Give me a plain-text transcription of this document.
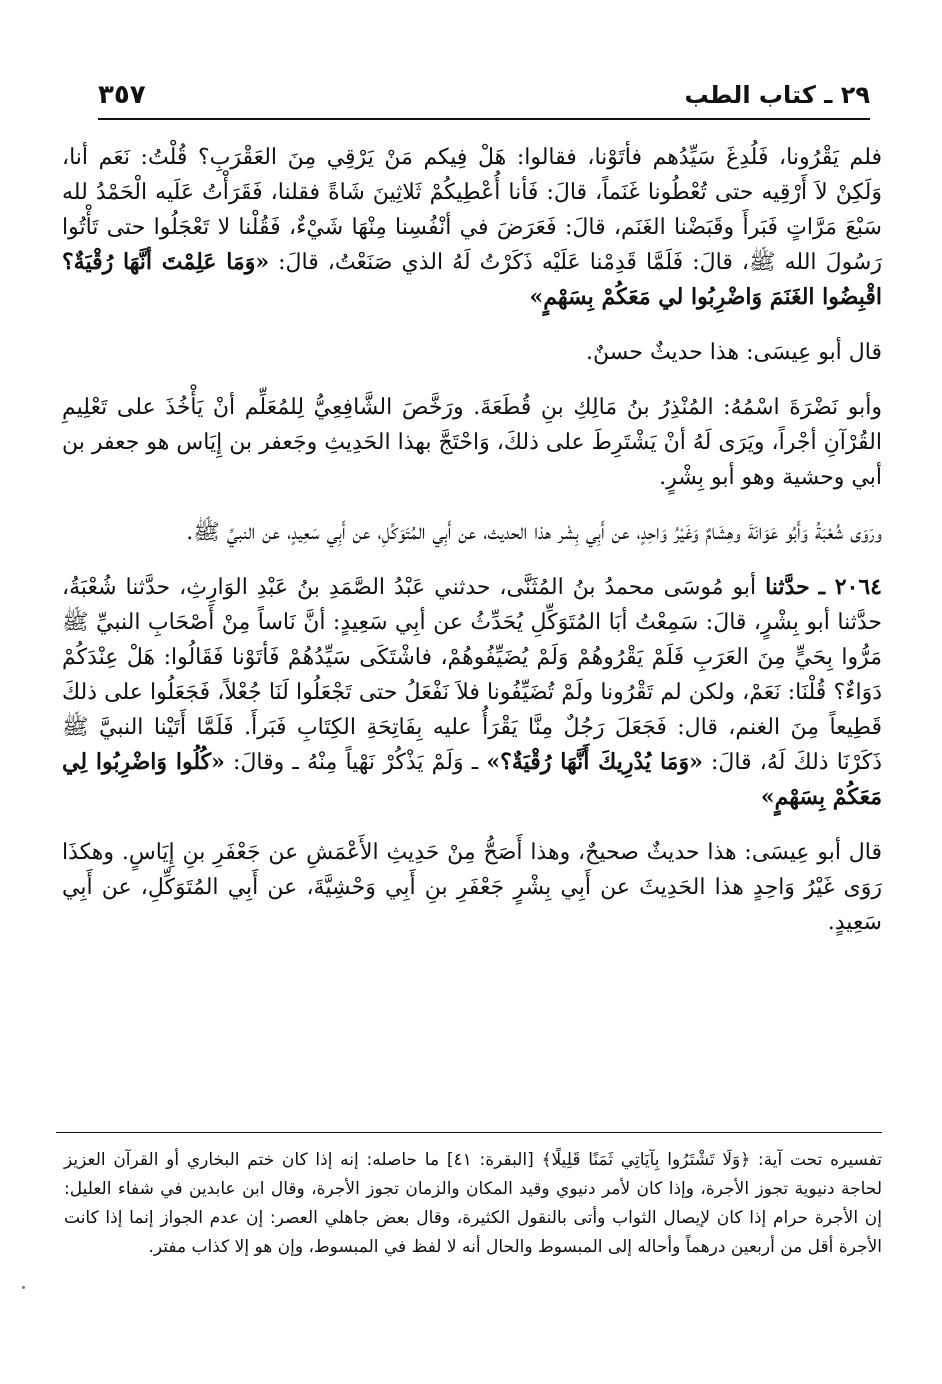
٢٩ ـ كتاب الطب
٣٥٧

فلم يَقْرُونا، فَلُدِغَ سَيِّدُهم فأتَوْنا، فقالوا: هَلْ فِيكم مَنْ يَرْقِي مِنَ العَقْرَبِ؟ قُلْتُ: نَعَم أنا، وَلَكِنْ لاَ أَرْقِيه حتى تُعْطُونا غَنَماً، قالَ: فَأنا أُعْطِيكُمْ ثَلاثِينَ شَاةً فقلنا، فَقَرَأْتُ عَلَيه الْحَمْدُ لله سَبْعَ مَرَّاتٍ فَبَرأَ وقَبَضْنا الغَنَم، قالَ: فَعَرَضَ في أنْفُسِنا مِنْهَا شَيْءٌ، فَقُلْنا لا تَعْجَلُوا حتى تَأْتُوا رَسُولَ الله ﷺ، قالَ: فَلَمَّا قَدِمْنا عَلَيْه ذَكَرْتُ لَهُ الذي صَنَعْتُ، قالَ: «وَمَا عَلِمْتَ أنَّهَا رُقْيَةٌ؟ اقْبِضُوا الغَنَمَ وَاضْرِبُوا لي مَعَكُمْ بِسَهْمٍ»

قال أبو عِيسَى: هذا حديثٌ حسنٌ.

وأبو نَضْرَةَ اسْمُهُ: المُنْذِرُ بنُ مَالِكِ بنِ قُطَعَةَ. ورَخَّصَ الشَّافِعِيُّ لِلمُعَلِّم أنْ يَأْخُذَ على تَعْلِيمِ القُرْآنِ أجْراً، ويَرَى لَهُ أنْ يَشْتَرِطَ على ذلكَ، وَاحْتَجَّ بهذا الحَدِيثِ وجَعفر بن إِيَاس هو جعفر بن أبي وحشية وهو أبو بِشْرٍ.

ورَوَى شُعْبَةُ وَأَبُو عَوَانَةَ وهِشَامٌ وَغَيْرُ وَاحِدٍ، عن أَبِي بِشْر هذا الحديث، عن أَبِي المُتَوَكِّلِ، عن أَبِي سَعِيدٍ، عن النبيِّ ﷺ.

٢٠٦٤ ـ حدَّثنا أبو مُوسَى محمدُ بنُ المُثَنَّى، حدثني عَبْدُ الصَّمَدِ بنُ عَبْدِ الوَارِثِ، حدَّثنا شُعْبَةُ، حدَّثنا أبو بِشْرٍ، قالَ: سَمِعْتُ أبَا المُتَوَكِّلِ يُحَدِّثُ عن أبِي سَعِيدٍ: أنَّ نَاساً مِنْ أَصْحَابِ النبيِّ ﷺ مَرُّوا بِحَيٍّ مِنَ العَرَبِ فَلَمْ يَقْرُوهُمْ وَلَمْ يُضَيِّفُوهُمْ، فاشْتَكَى سَيِّدُهُمْ فَأتَوْنا فَقَالُوا: هَلْ عِنْدَكُمْ دَوَاءٌ؟ قُلْنَا: نَعَمْ، ولكن لم تَقْرُونا ولَمْ تُضَيِّفُونا فلاَ نَفْعَلُ حتى تَجْعَلُوا لَنَا جُعْلاً، فَجَعَلُوا على ذلكَ قَطِيعاً مِنَ الغنم، قال: فَجَعَلَ رَجُلٌ مِنَّا يَقْرَأُ عليه بِفَاتِحَةِ الكِتَابِ فَبَرأَ. فَلَمَّا أَتَيْنا النبيَّ ﷺ ذَكَرْنَا ذلكَ لَهُ، قالَ: «وَمَا يُدْرِيكَ أَنَّهَا رُقْيَةٌ؟» ـ وَلَمْ يَذْكُرْ نَهْياً مِنْهُ ـ وقالَ: «كُلُوا وَاضْرِبُوا لِي مَعَكُمْ بِسَهْمٍ»

قال أبو عِيسَى: هذا حديثٌ صحيحٌ، وهذا أَصَحُّ مِنْ حَدِيثِ الأَعْمَشِ عن جَعْفَرِ بنِ إِيَاسٍ. وهكذَا رَوَى غَيْرُ وَاحِدٍ هذا الحَدِيثَ عن أَبِي بِشْرٍ جَعْفَرِ بنِ أَبِي وَحْشِيَّةَ، عن أَبِي المُتَوَكِّلِ، عن أَبِي سَعِيدٍ.

تفسيره تحت آية: ﴿وَلَا تَشْتَرُوا بِآيَاتِي ثَمَنًا قَلِيلًا﴾ [البقرة: ٤١] ما حاصله: إنه إذا كان ختم البخاري أو القرآن العزيز لحاجة دنيوية تجوز الأجرة، وإذا كان لأمر دنيوي وقيد المكان والزمان تجوز الأجرة، وقال ابن عابدين في شفاء العليل: إن الأجرة حرام إذا كان لإيصال الثواب وأتى بالنقول الكثيرة، وقال بعض جاهلي العصر: إن عدم الجواز إنما إذا كانت الأجرة أقل من أربعين درهماً وأحاله إلى المبسوط والحال أنه لا لفظ في المبسوط، وإن هو إلا كذاب مفتر.
